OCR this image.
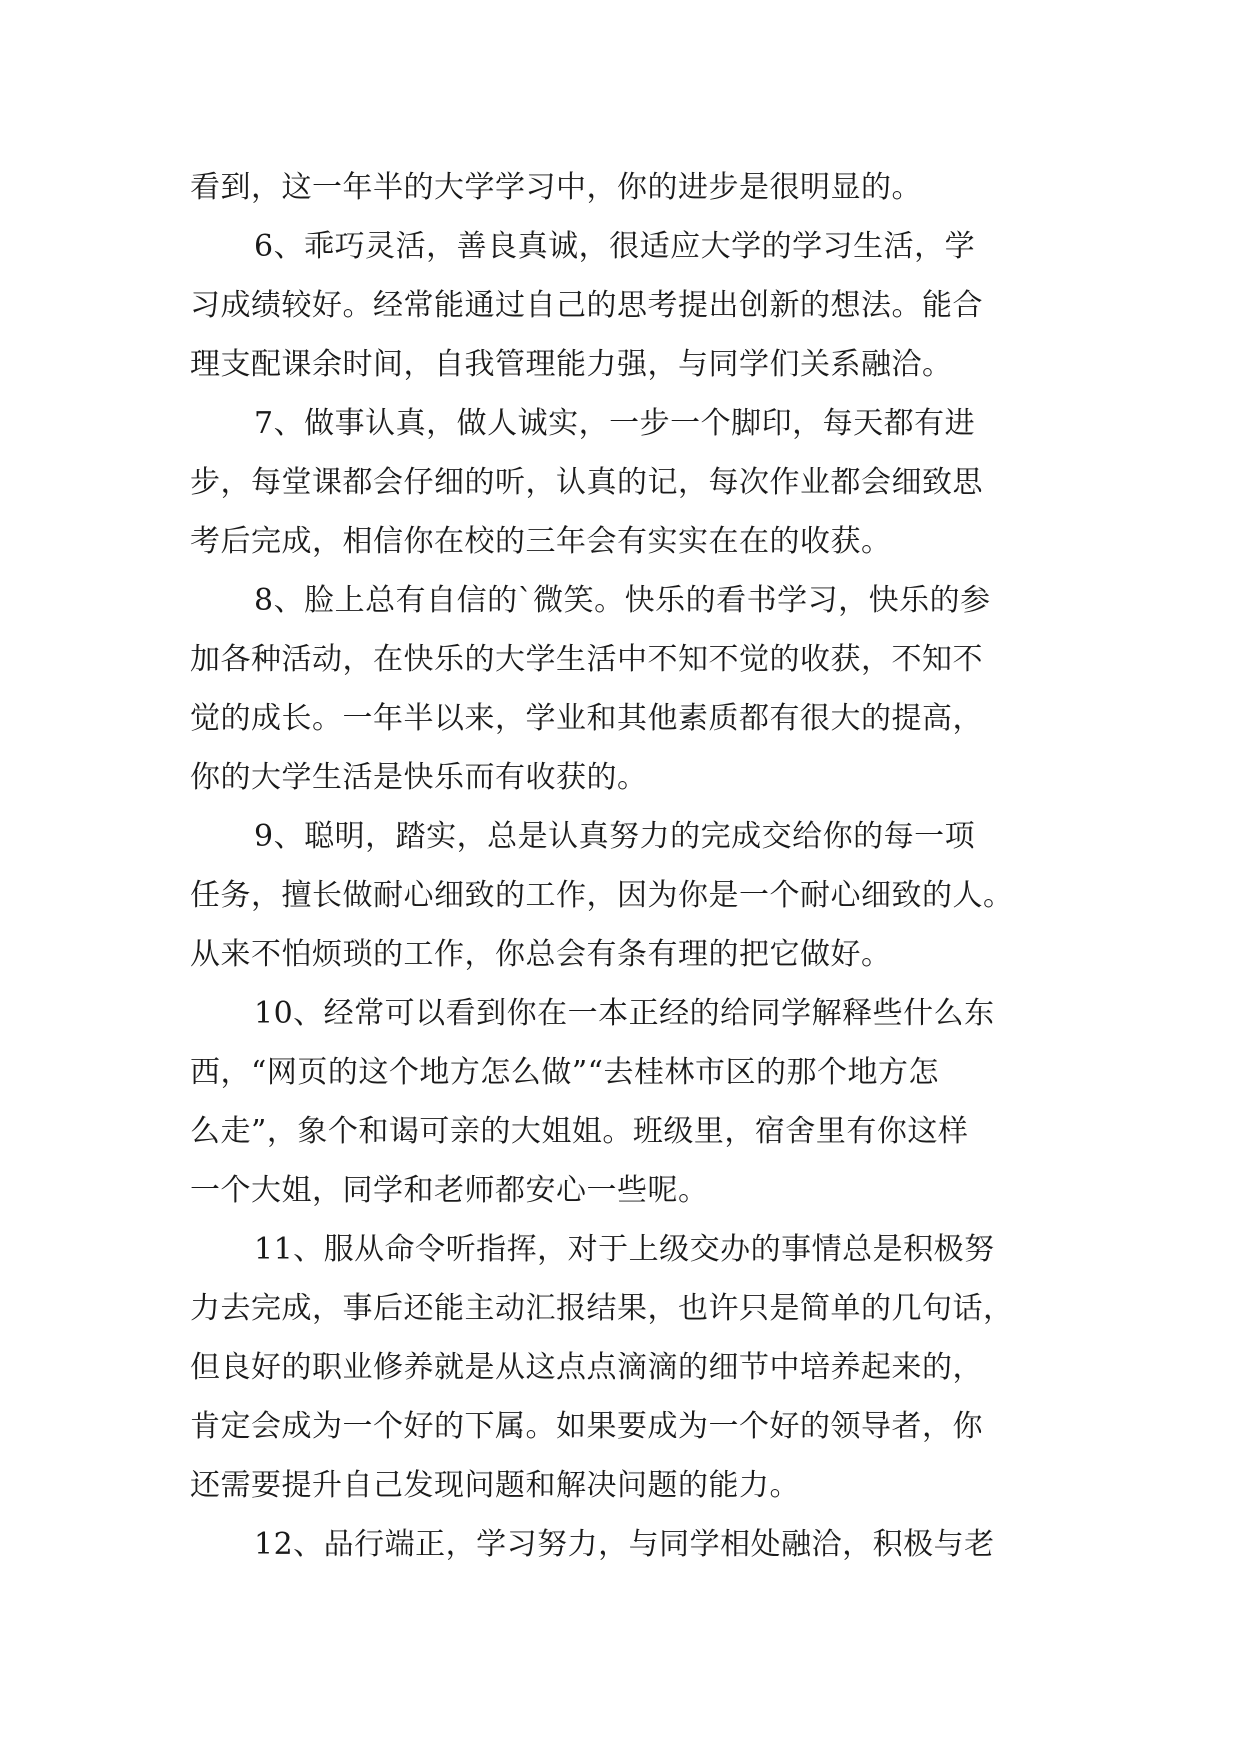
看到，这一年半的大学学习中，你的进步是很明显的。
6、乖巧灵活，善良真诚，很适应大学的学习生活，学
习成绩较好。经常能通过自己的思考提出创新的想法。能合
理支配课余时间，自我管理能力强，与同学们关系融洽。
7、做事认真，做人诚实，一步一个脚印，每天都有进
步，每堂课都会仔细的听，认真的记，每次作业都会细致思
考后完成，相信你在校的三年会有实实在在的收获。
8、脸上总有自信的`微笑。快乐的看书学习，快乐的参
加各种活动，在快乐的大学生活中不知不觉的收获，不知不
觉的成长。一年半以来，学业和其他素质都有很大的提高，
你的大学生活是快乐而有收获的。
9、聪明，踏实，总是认真努力的完成交给你的每一项
任务，擅长做耐心细致的工作，因为你是一个耐心细致的人。
从来不怕烦琐的工作，你总会有条有理的把它做好。
10、经常可以看到你在一本正经的给同学解释些什么东
西，“网页的这个地方怎么做”“去桂林市区的那个地方怎
么走”，象个和谒可亲的大姐姐。班级里，宿舍里有你这样
一个大姐，同学和老师都安心一些呢。
11、服从命令听指挥，对于上级交办的事情总是积极努
力去完成，事后还能主动汇报结果，也许只是简单的几句话，
但良好的职业修养就是从这点点滴滴的细节中培养起来的，
肯定会成为一个好的下属。如果要成为一个好的领导者，你
还需要提升自己发现问题和解决问题的能力。
12、品行端正，学习努力，与同学相处融洽，积极与老
